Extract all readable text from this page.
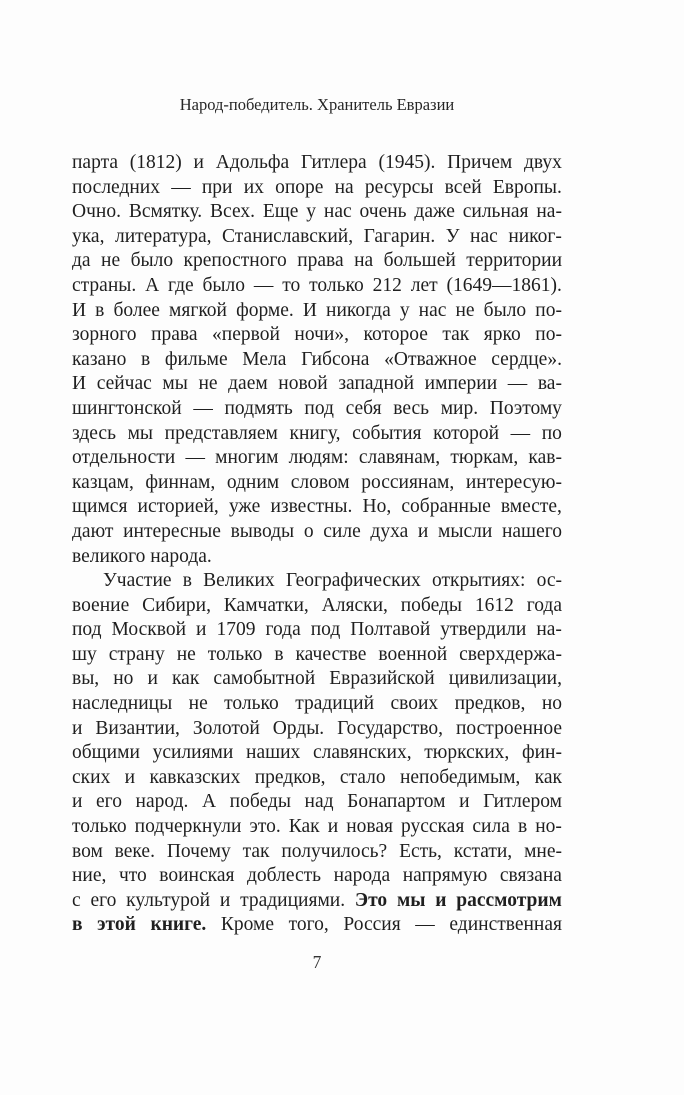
Народ-победитель. Хранитель Евразии
парта (1812) и Адольфа Гитлера (1945). Причем двух
последних — при их опоре на ресурсы всей Европы.
Очно. Всмятку. Всех. Еще у нас очень даже сильная на-
ука, литература, Станиславский, Гагарин. У нас никог-
да не было крепостного права на большей территории
страны. А где было — то только 212 лет (1649—1861).
И в более мягкой форме. И никогда у нас не было по-
зорного права «первой ночи», которое так ярко по-
казано в фильме Мела Гибсона «Отважное сердце».
И сейчас мы не даем новой западной империи — ва-
шингтонской — подмять под себя весь мир. Поэтому
здесь мы представляем книгу, события которой — по
отдельности — многим людям: славянам, тюркам, кав-
казцам, финнам, одним словом россиянам, интересую-
щимся историей, уже известны. Но, собранные вместе,
дают интересные выводы о силе духа и мысли нашего
великого народа.
Участие в Великих Географических открытиях: ос-
воение Сибири, Камчатки, Аляски, победы 1612 года
под Москвой и 1709 года под Полтавой утвердили на-
шу страну не только в качестве военной сверхдержа-
вы, но и как самобытной Евразийской цивилизации,
наследницы не только традиций своих предков, но
и Византии, Золотой Орды. Государство, построенное
общими усилиями наших славянских, тюркских, фин-
ских и кавказских предков, стало непобедимым, как
и его народ. А победы над Бонапартом и Гитлером
только подчеркнули это. Как и новая русская сила в но-
вом веке. Почему так получилось? Есть, кстати, мне-
ние, что воинская доблесть народа напрямую связана
с его культурой и традициями. Это мы и рассмотрим
в этой книге. Кроме того, Россия — единственная
7
